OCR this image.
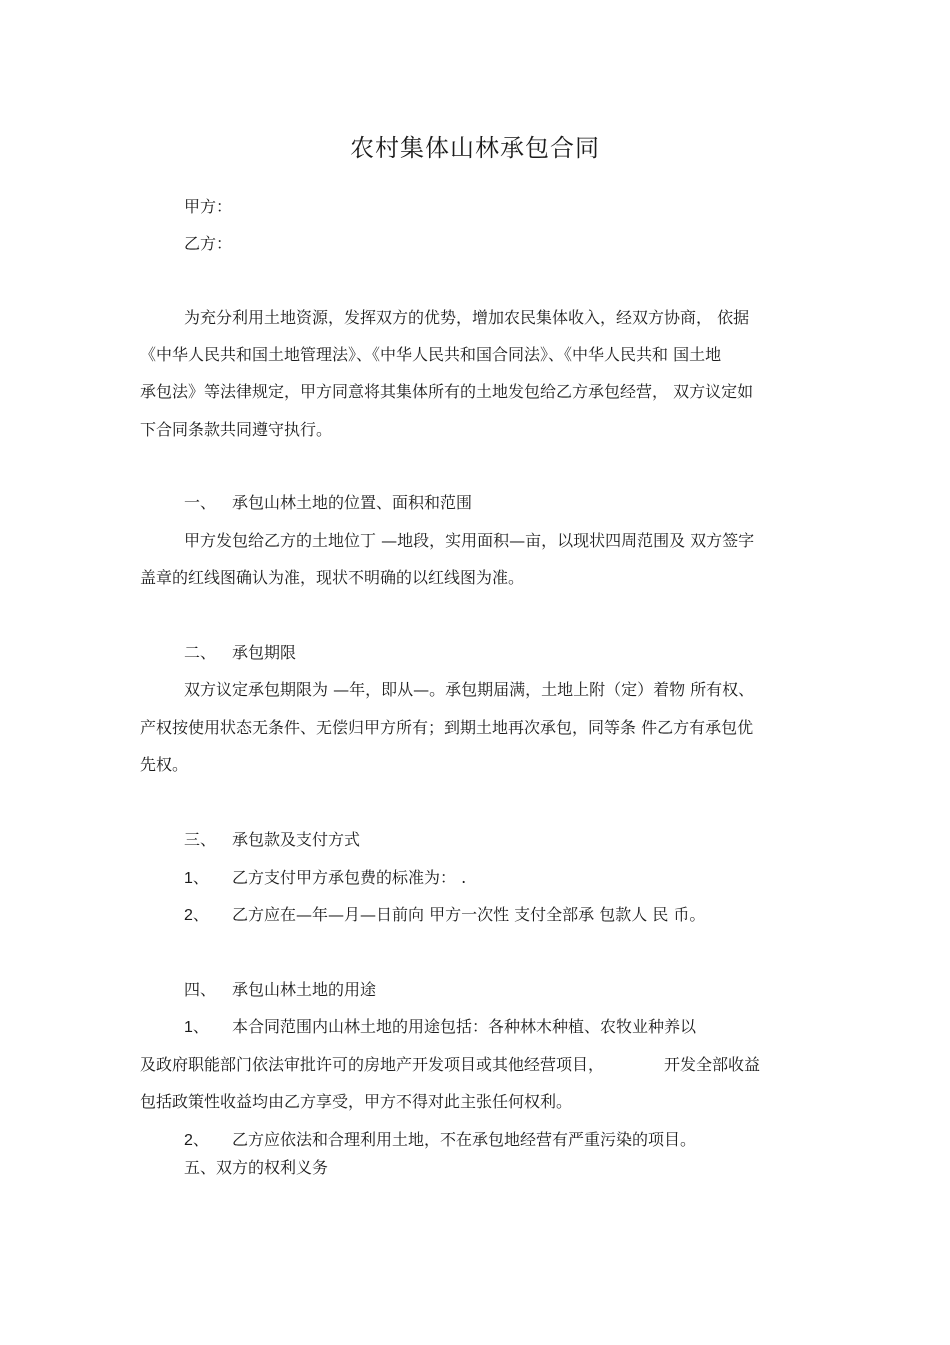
农村集体山林承包合同
甲方：
乙方：
为充分利用土地资源，发挥双方的优势，增加农民集体收入，经双方协商， 依据
《中华人民共和国土地管理法》、《中华人民共和国合同法》、《中华人民共和 国土地
承包法》等法律规定，甲方同意将其集体所有的土地发包给乙方承包经营， 双方议定如
下合同条款共同遵守执行。
一、 承包山林土地的位置、面积和范围
甲方发包给乙方的土地位丁 —地段，实用面积—亩，以现状四周范围及 双方签字
盖章的红线图确认为准，现状不明确的以红线图为准。
二、 承包期限
双方议定承包期限为 —年，即从—。承包期届满，土地上附（定）着物 所有权、
产权按使用状态无条件、无偿归甲方所有；到期土地再次承包，同等条 件乙方有承包优
先权。
三、 承包款及支付方式
1、 乙方支付甲方承包费的标准为： .
2、 乙方应在—年—月—日前向 甲方一次性 支付全部承 包款人 民 币。
四、 承包山林土地的用途
1、 本合同范围内山林土地的用途包括：各种林木种植、农牧业种养以
及政府职能部门依法审批许可的房地产开发项目或其他经营项目，	开发全部收益
包括政策性收益均由乙方享受，甲方不得对此主张任何权利。
2、 乙方应依法和合理利用土地，不在承包地经营有严重污染的项目。
五、双方的权利义务
